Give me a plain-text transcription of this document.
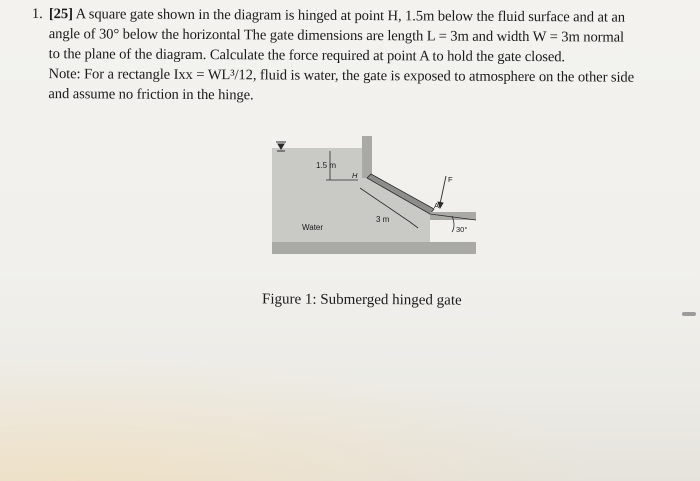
1. [25] A square gate shown in the diagram is hinged at point H, 1.5m below the fluid surface and at an
angle of 30° below the horizontal The gate dimensions are length L = 3m and width W = 3m normal
to the plane of the diagram. Calculate the force required at point A to hold the gate closed.
Note: For a rectangle Ixx = WL³/12, fluid is water, the gate is exposed to atmosphere on the other side
and assume no friction in the hinge.
1.5 m
H
3 m
Water
F
A
30°
Figure 1: Submerged hinged gate
